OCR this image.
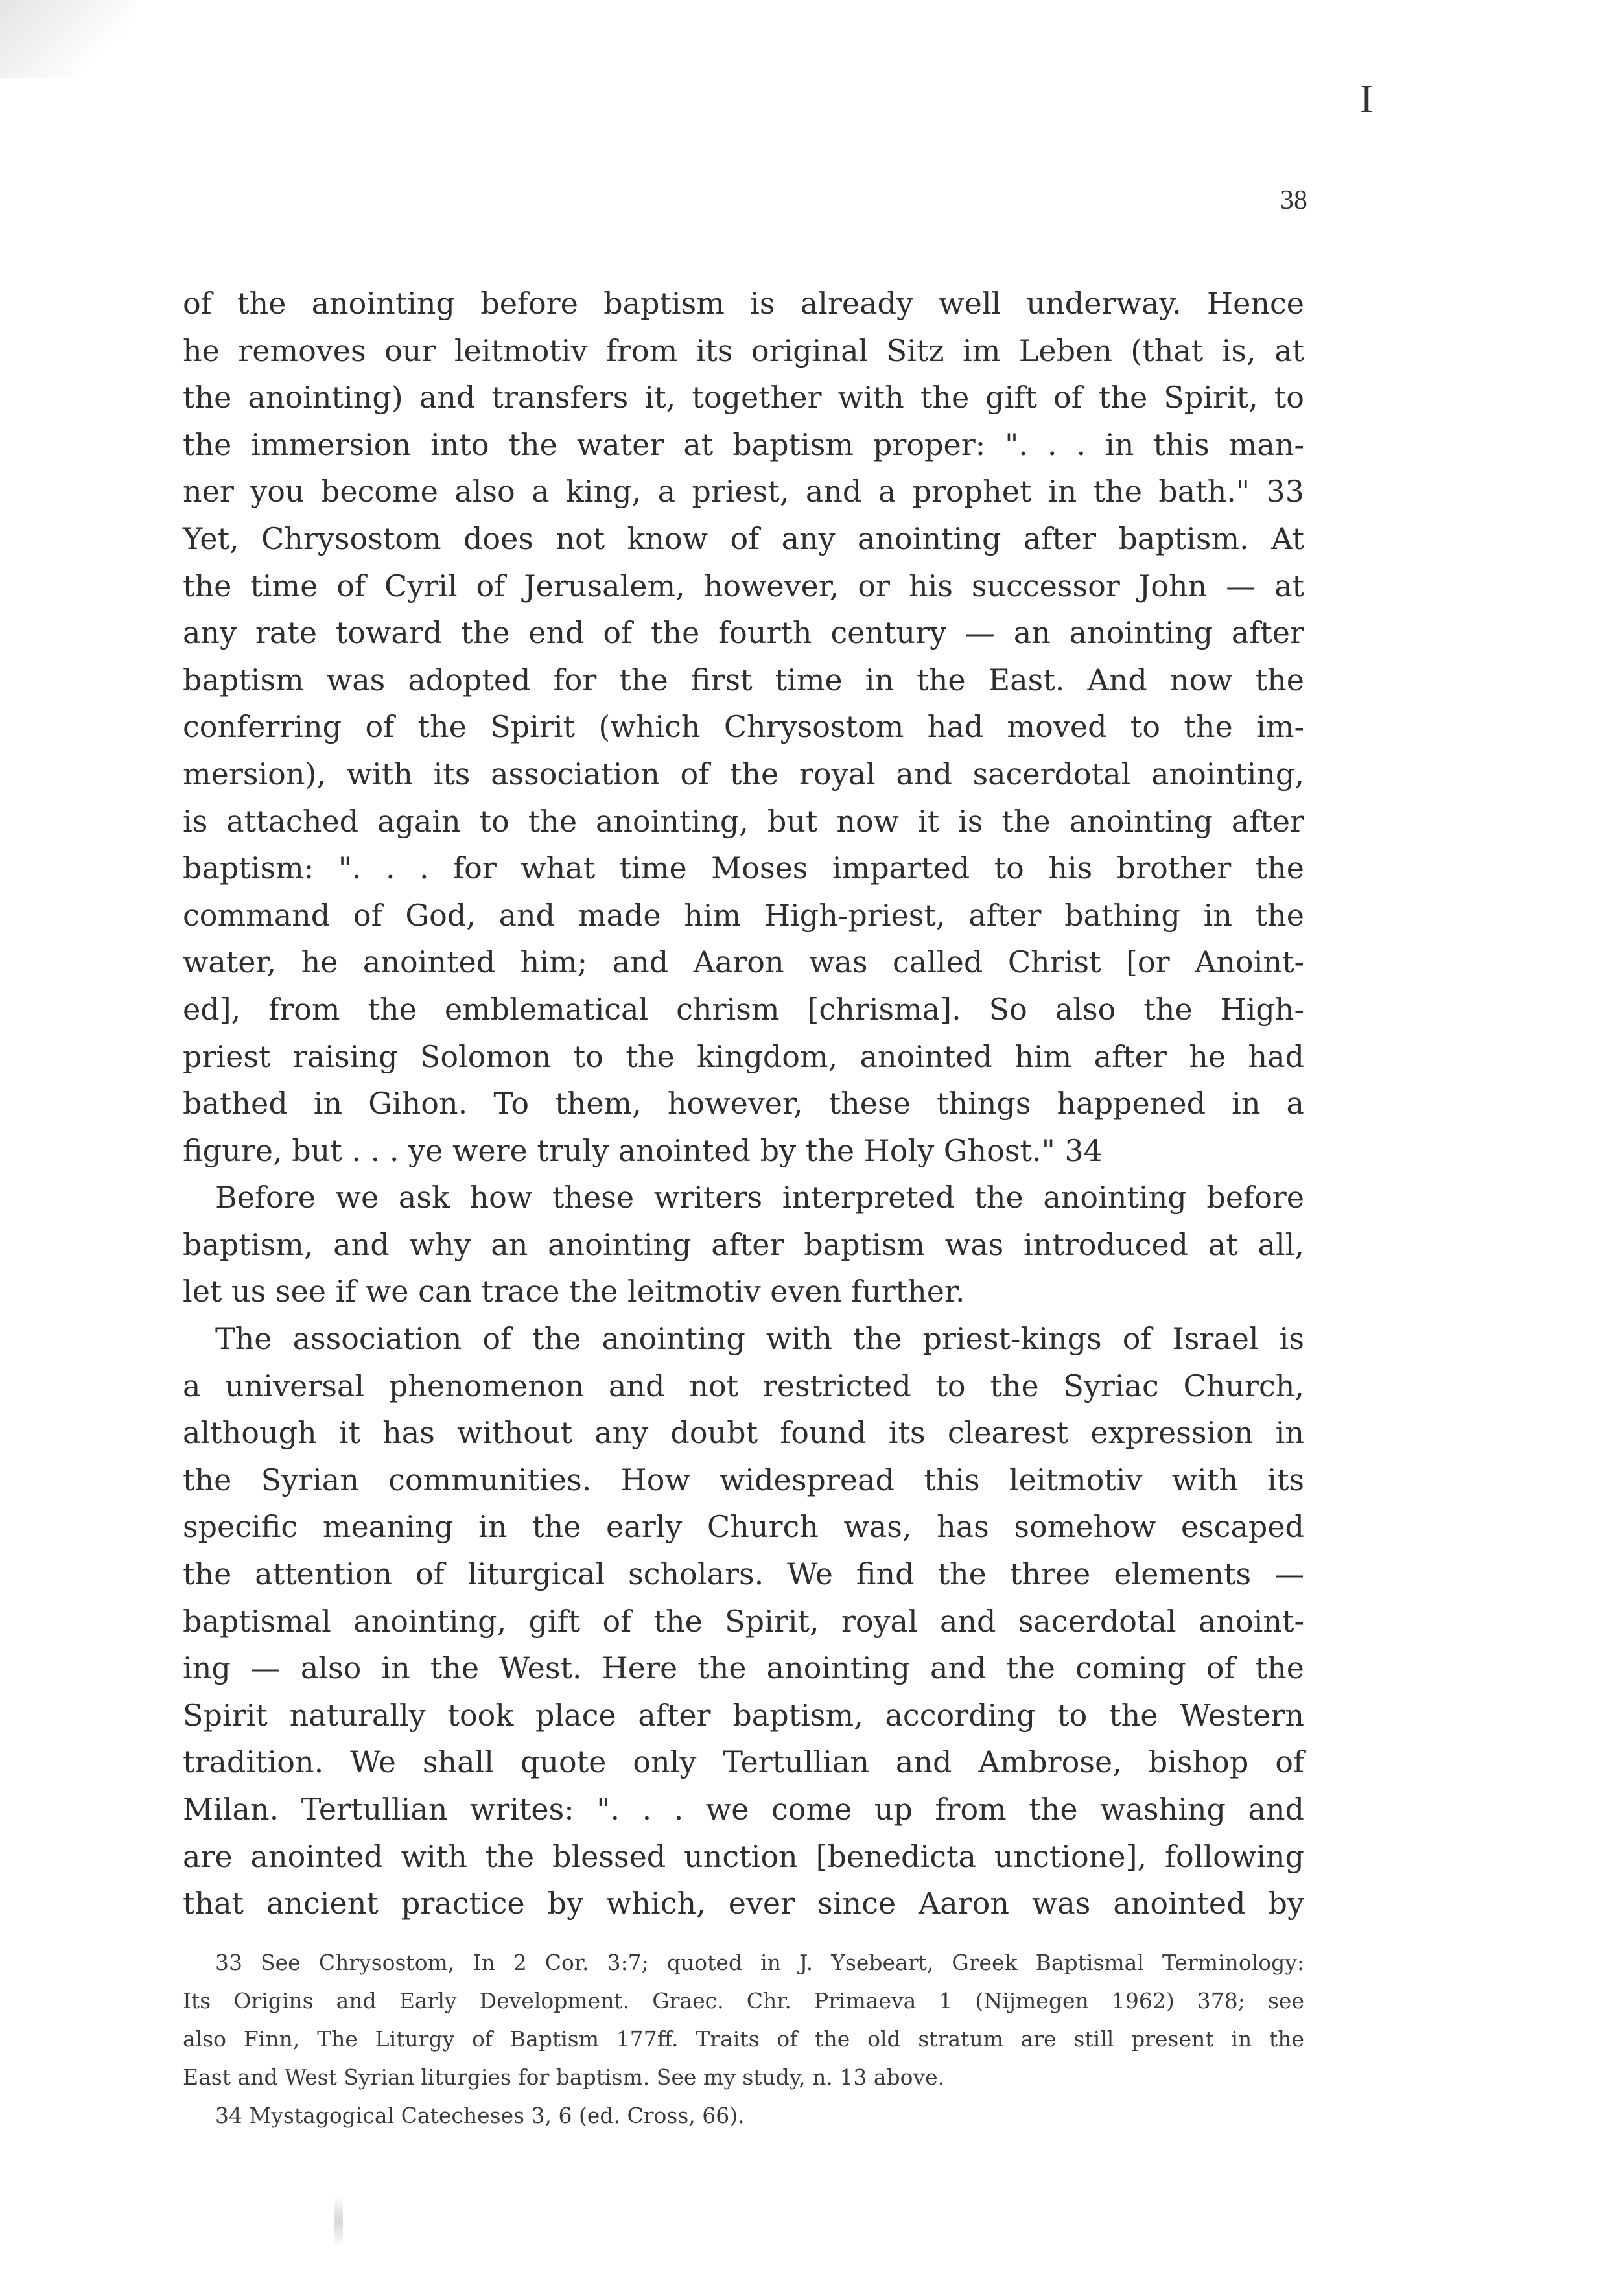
I
38
of the anointing before baptism is already well underway. Hence
he removes our leitmotiv from its original Sitz im Leben (that is, at
the anointing) and transfers it, together with the gift of the Spirit, to
the immersion into the water at baptism proper: ". . . in this man-
ner you become also a king, a priest, and a prophet in the bath." 33
Yet, Chrysostom does not know of any anointing after baptism. At
the time of Cyril of Jerusalem, however, or his successor John — at
any rate toward the end of the fourth century — an anointing after
baptism was adopted for the first time in the East. And now the
conferring of the Spirit (which Chrysostom had moved to the im-
mersion), with its association of the royal and sacerdotal anointing,
is attached again to the anointing, but now it is the anointing after
baptism: ". . . for what time Moses imparted to his brother the
command of God, and made him High-priest, after bathing in the
water, he anointed him; and Aaron was called Christ [or Anoint-
ed], from the emblematical chrism [chrisma]. So also the High-
priest raising Solomon to the kingdom, anointed him after he had
bathed in Gihon. To them, however, these things happened in a
figure, but . . . ye were truly anointed by the Holy Ghost." 34
Before we ask how these writers interpreted the anointing before
baptism, and why an anointing after baptism was introduced at all,
let us see if we can trace the leitmotiv even further.
The association of the anointing with the priest-kings of Israel is
a universal phenomenon and not restricted to the Syriac Church,
although it has without any doubt found its clearest expression in
the Syrian communities. How widespread this leitmotiv with its
specific meaning in the early Church was, has somehow escaped
the attention of liturgical scholars. We find the three elements —
baptismal anointing, gift of the Spirit, royal and sacerdotal anoint-
ing — also in the West. Here the anointing and the coming of the
Spirit naturally took place after baptism, according to the Western
tradition. We shall quote only Tertullian and Ambrose, bishop of
Milan. Tertullian writes: ". . . we come up from the washing and
are anointed with the blessed unction [benedicta unctione], following
that ancient practice by which, ever since Aaron was anointed by
33 See Chrysostom, In 2 Cor. 3:7; quoted in J. Ysebeart, Greek Baptismal Terminology:
Its Origins and Early Development. Graec. Chr. Primaeva 1 (Nijmegen 1962) 378; see
also Finn, The Liturgy of Baptism 177ff. Traits of the old stratum are still present in the
East and West Syrian liturgies for baptism. See my study, n. 13 above.
34 Mystagogical Catecheses 3, 6 (ed. Cross, 66).
